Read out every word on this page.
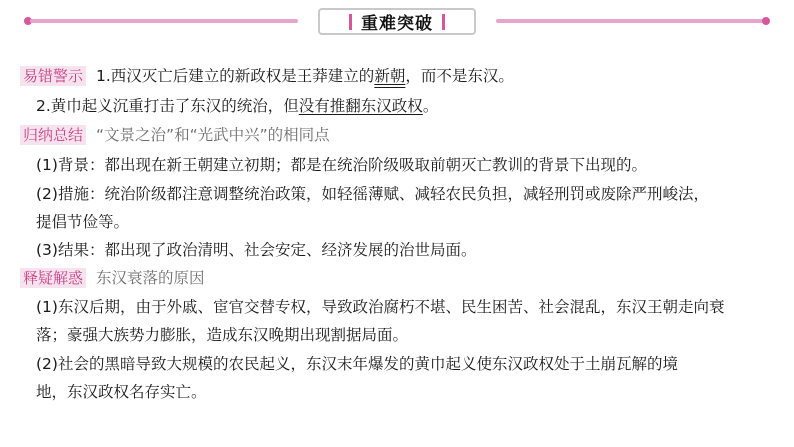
重难突破
易错警示 1.西汉灭亡后建立的新政权是王莽建立的新朝，而不是东汉。
2.黄巾起义沉重打击了东汉的统治，但没有推翻东汉政权。
归纳总结 “文景之治”和“光武中兴”的相同点
(1)背景：都出现在新王朝建立初期；都是在统治阶级吸取前朝灭亡教训的背景下出现的。
(2)措施：统治阶级都注意调整统治政策，如轻徭薄赋、减轻农民负担，减轻刑罚或废除严刑峻法，
提倡节俭等。
(3)结果：都出现了政治清明、社会安定、经济发展的治世局面。
释疑解惑 东汉衰落的原因
(1)东汉后期，由于外戚、宦官交替专权，导致政治腐朽不堪、民生困苦、社会混乱，东汉王朝走向衰
落；豪强大族势力膨胀，造成东汉晚期出现割据局面。
(2)社会的黑暗导致大规模的农民起义，东汉末年爆发的黄巾起义使东汉政权处于土崩瓦解的境
地，东汉政权名存实亡。
